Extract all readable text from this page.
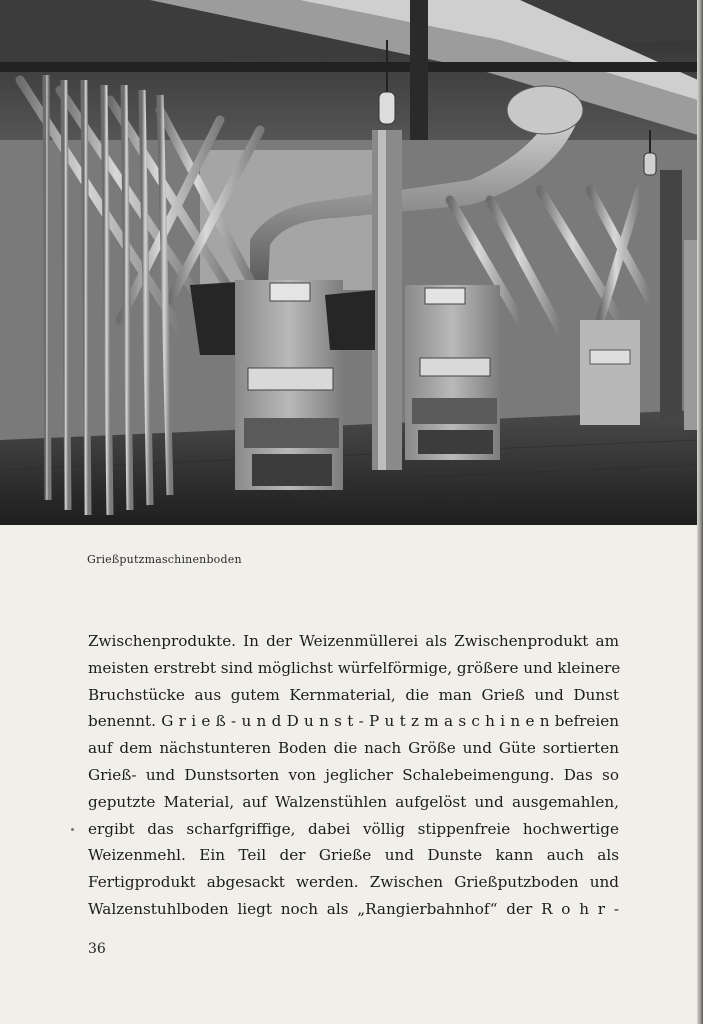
Grießputzmaschinenboden
Zwischenprodukte. In der Weizenmüllerei als Zwischenprodukt am
meisten erstrebt sind möglichst würfelförmige, größere und kleinere
Bruchstücke aus gutem Kernmaterial, die man Grieß und Dunst
benennt. G r i e ß - u n d D u n s t - P u t z m a s c h i n e n befreien
auf dem nächstunteren Boden die nach Größe und Güte sortierten
Grieß- und Dunstsorten von jeglicher Schalebeimengung. Das so
geputzte Material, auf Walzenstühlen aufgelöst und ausgemahlen,
ergibt das scharfgriffige, dabei völlig stippenfreie hochwertige
Weizenmehl. Ein Teil der Grieße und Dunste kann auch als
Fertigprodukt abgesackt werden. Zwischen Grießputzboden und
Walzenstuhlboden liegt noch als „Rangierbahnhof“ der R o h r -
36
